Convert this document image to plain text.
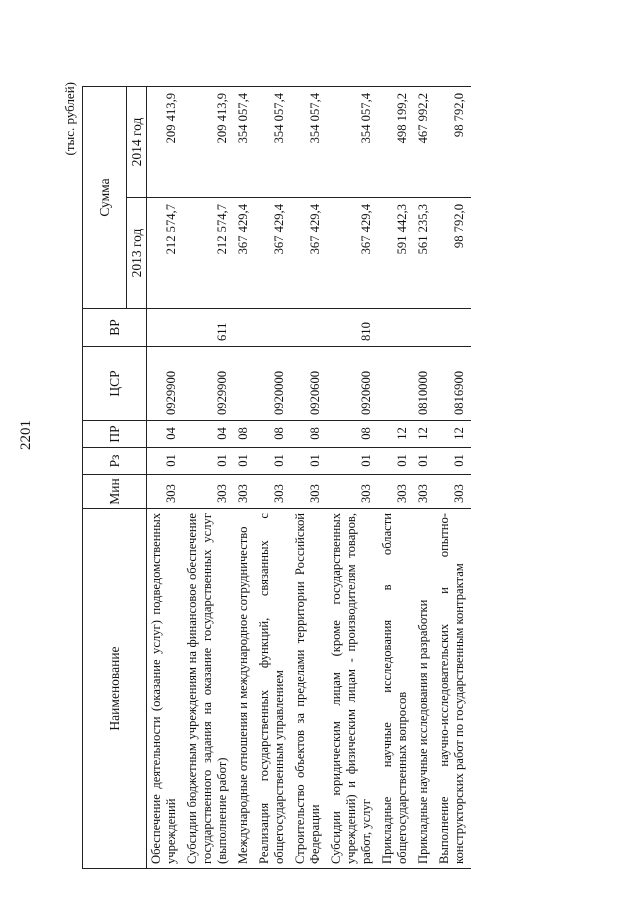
2201
(тыс. рублей)
Наименование	Мин	Рз	ПР	ЦСР	ВР	Сумма	
						2013 год	2014 год
Обеспечение деятельности (оказание услуг) подведомственных учреждений	303	01	04	0929900		212 574,7	209 413,9
Субсидии бюджетным учреждениям на финансовое обеспечение государственного задания на оказание государственных услуг (выполнение работ)	303	01	04	0929900	611	212 574,7	209 413,9
Международные отношения и международное сотрудничество	303	01	08			367 429,4	354 057,4
Реализация государственных функций, связанных с общегосударственным управлением	303	01	08	0920000		367 429,4	354 057,4
Строительство объектов за пределами территории Российской Федерации	303	01	08	0920600		367 429,4	354 057,4
Субсидии юридическим лицам (кроме государственных учреждений) и физическим лицам - производителям товаров, работ, услуг	303	01	08	0920600	810	367 429,4	354 057,4
Прикладные научные исследования в области общегосударственных вопросов	303	01	12			591 442,3	498 199,2
Прикладные научные исследования и разработки	303	01	12	0810000		561 235,3	467 992,2
Выполнение научно-исследовательских и опытно-конструкторских работ по государственным контрактам	303	01	12	0816900		98 792,0	98 792,0
